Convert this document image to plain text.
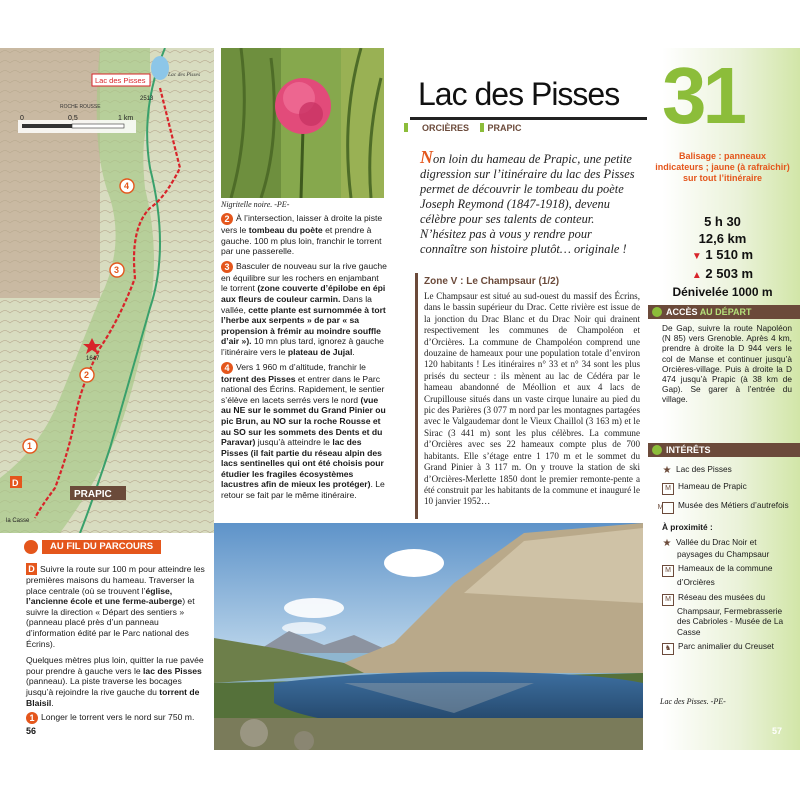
0	0,5	1 km
Lac des Pisses
2513
Lac des Pisses
ROCHE ROUSSE
1647
4
3
2
1
D
PRAPIC
la Casse
Nigritelle noire. -PE-

2 À l’intersection, laisser à droite la piste vers le tombeau du poète et prendre à gauche. 100 m plus loin, franchir le torrent par une passerelle.

3 Basculer de nouveau sur la rive gauche en équilibre sur les rochers en enjambant le torrent (zone couverte d’épilobe en épi aux fleurs de couleur carmin. Dans la vallée, cette plante est surnommée à tort l’herbe aux serpents » de par « sa propension à frémir au moindre souffle d’air »). 10 mn plus tard, ignorez à gauche l’itinéraire vers le plateau de Jujal.

4 Vers 1 960 m d’altitude, franchir le torrent des Pisses et entrer dans le Parc national des Écrins. Rapidement, le sentier s’élève en lacets serrés vers le nord (vue au NE sur le sommet du Grand Pinier ou pic Brun, au NO sur la roche Rousse et au SO sur les sommets des Dents et du Paravar) jusqu’à atteindre le lac des Pisses (il fait partie du réseau alpin des lacs sentinelles qui ont été choisis pour étudier les fragiles écosystèmes lacustres afin de mieux les protéger). Le retour se fait par le même itinéraire.

AU FIL DU PARCOURS

D Suivre la route sur 100 m pour atteindre les premières maisons du hameau. Traverser la place centrale (où se trouvent l’église, l’ancienne école et une ferme-auberge) et suivre la direction « Départ des sentiers » (panneau placé près d’un panneau d’information édité par le Parc national des Écrins).

Quelques mètres plus loin, quitter la rue pavée pour prendre à gauche vers le lac des Pisses (panneau). La piste traverse les bocages jusqu’à rejoindre la rive gauche du torrent de Blaisil.

1 Longer le torrent vers le nord sur 750 m.

56
Lac des Pisses
ORCIÈRES PRAPIC
Non loin du hameau de Prapic, une petite digression sur l’itinéraire du lac des Pisses permet de découvrir le tombeau du poète Joseph Reymond (1847-1918), devenu célèbre pour ses talents de conteur. N’hésitez pas à vous y rendre pour connaître son histoire plutôt… originale !
Zone V : Le Champsaur (1/2)
Le Champsaur est situé au sud-ouest du massif des Écrins, dans le bassin supérieur du Drac. Cette rivière est issue de la jonction du Drac Blanc et du Drac Noir qui drainent respectivement les communes de Champoléon et d’Orcières. La commune de Champoléon comprend une douzaine de hameaux pour une population totale d’environ 120 habitants ! Les itinéraires n° 33 et n° 34 sont les plus prisés du secteur : ils mènent au lac de Cédéra par le hameau abandonné de Méollion et aux 4 lacs de Crupillouse situés dans un vaste cirque lunaire au pied du pic des Parières (3 077 m nord par les montagnes partagées avec le Valgaudemar dont le Vieux Chaillol (3 163 m) et le Sirac (3 441 m) sont les plus célèbres. La commune d’Orcières avec ses 22 hameaux compte plus de 700 habitants. Elle s’étage entre 1 170 m et le sommet du Grand Pinier à 3 117 m. On y trouve la station de ski d’Orcières-Merlette 1850 dont le premier remonte-pente a été construit par les habitants de la commune et inauguré le 10 janvier 1952…
31
Balisage : panneaux indicateurs ; jaune (à rafraîchir) sur tout l’itinéraire
5 h 30
12,6 km
▼ 1 510 m
▲ 2 503 m
Dénivelée 1000 m
ACCÈS AU DÉPART
De Gap, suivre la route Napoléon (N 85) vers Grenoble. Après 4 km, prendre à droite la D 944 vers le col de Manse et continuer jusqu’à Orcières-village. Puis à droite la D 474 jusqu’à Prapic (à 38 km de Gap). Se garer à l’entrée du village.
INTÉRÊTS
★ Lac des Pisses
M Hameau de Prapic
M Musée des Métiers d’autrefois
À proximité :
★ Vallée du Drac Noir et paysages du Champsaur
M Hameaux de la commune d’Orcières
M Réseau des musées du Champsaur, Fermebrasserie des Cabrioles - Musée de La Casse
♞ Parc animalier du Creuset
Lac des Pisses. -PE-
57
